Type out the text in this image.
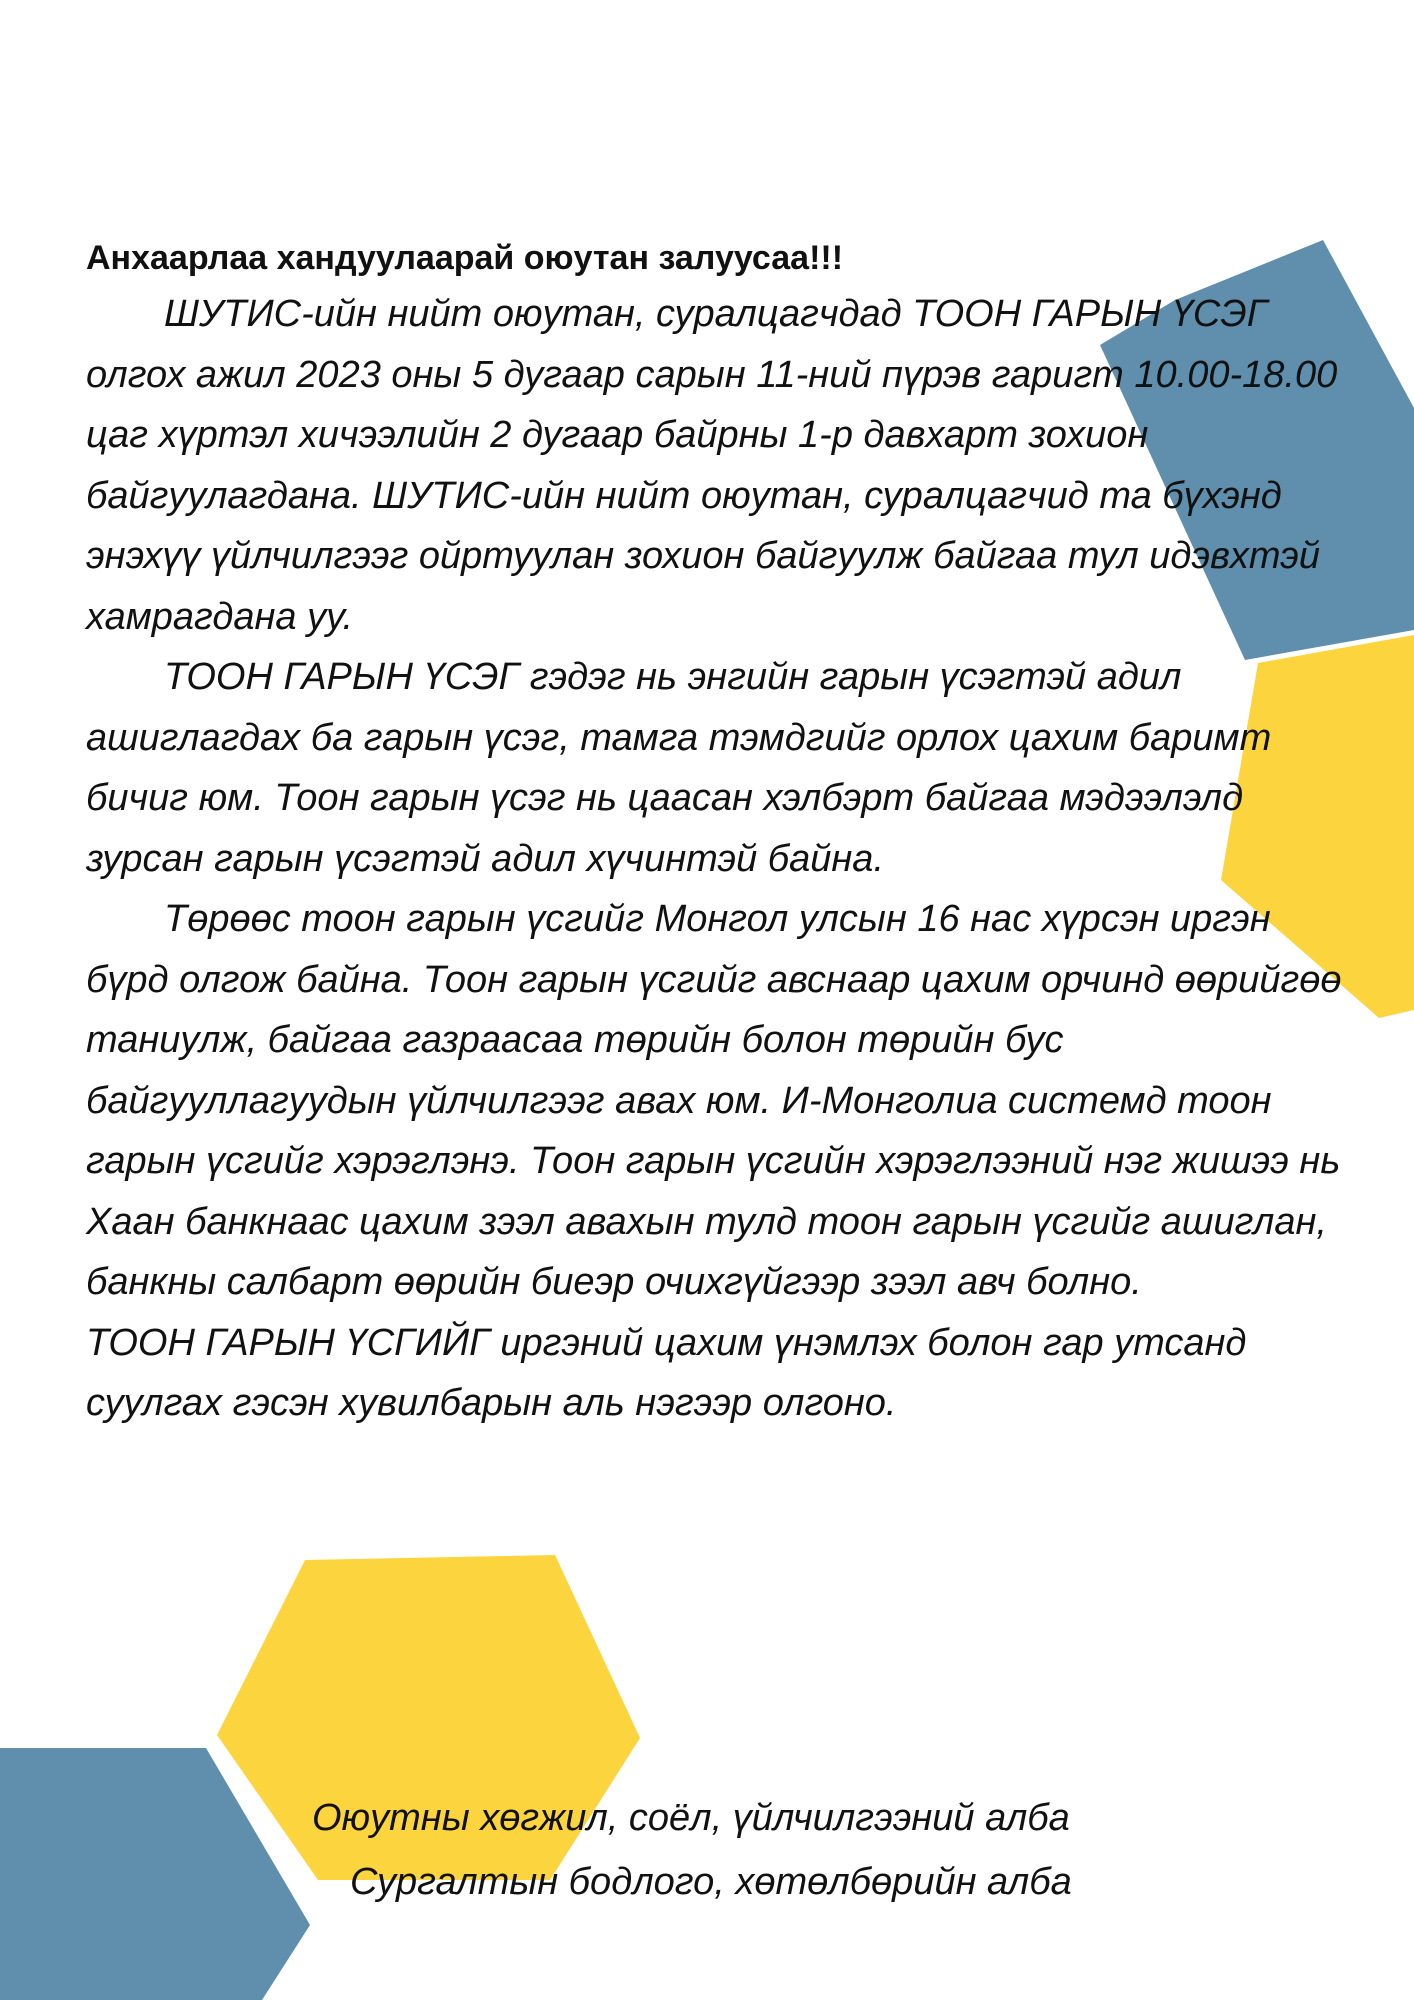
Анхаарлаа хандуулаарай оюутан залуусаа!!!

ШУТИС-ийн нийт оюутан, суралцагчдад ТООН ГАРЫН ҮСЭГ олгох ажил 2023 оны 5 дугаар сарын 11-ний пүрэв гаригт 10.00-18.00 цаг хүртэл хичээлийн 2 дугаар байрны 1-р давхарт зохион байгуулагдана. ШУТИС-ийн нийт оюутан, суралцагчид та бүхэнд энэхүү үйлчилгээг ойртуулан зохион байгуулж байгаа тул идэвхтэй хамрагдана уу.

ТООН ГАРЫН ҮСЭГ гэдэг нь энгийн гарын үсэгтэй адил ашиглагдах ба гарын үсэг, тамга тэмдгийг орлох цахим баримт бичиг юм. Тоон гарын үсэг нь цаасан хэлбэрт байгаа мэдээлэлд зурсан гарын үсэгтэй адил хүчинтэй байна.

Төрөөс тоон гарын үсгийг Монгол улсын 16 нас хүрсэн иргэн бүрд олгож байна. Тоон гарын үсгийг авснаар цахим орчинд өөрийгөө таниулж, байгаа газраасаа төрийн болон төрийн бус байгууллагуудын үйлчилгээг авах юм. И-Монголиа системд тоон гарын үсгийг хэрэглэнэ. Тоон гарын үсгийн хэрэглээний нэг жишээ нь Хаан банкнаас цахим зээл авахын тулд тоон гарын үсгийг ашиглан, банкны салбарт өөрийн биеэр очихгүйгээр зээл авч болно.

ТООН ГАРЫН ҮСГИЙГ иргэний цахим үнэмлэх болон гар утсанд суулгах гэсэн хувилбарын аль нэгээр олгоно.

Оюутны хөгжил, соёл, үйлчилгээний алба
Сургалтын бодлого, хөтөлбөрийн алба
